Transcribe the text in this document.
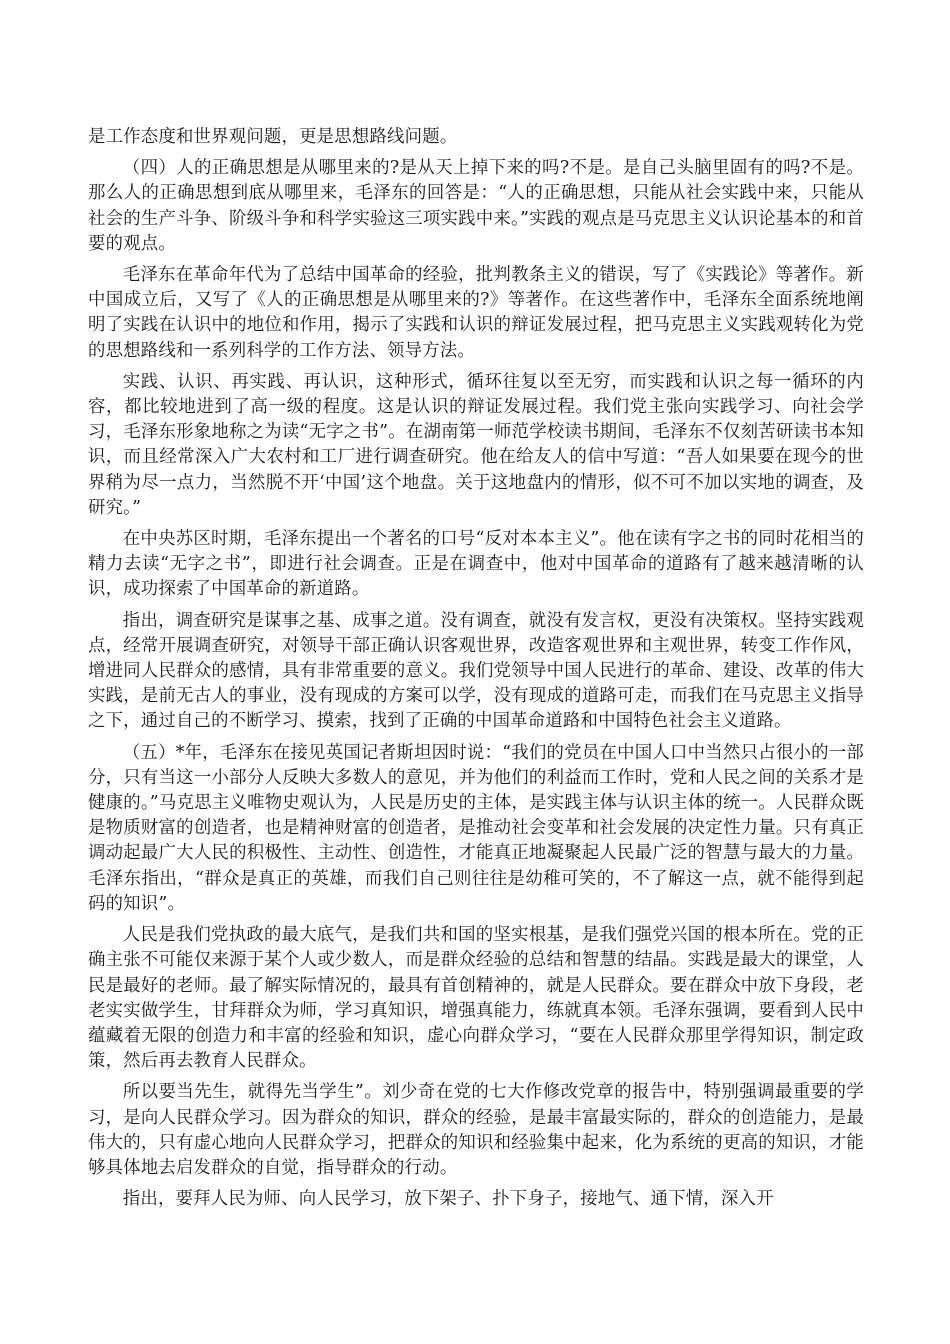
是工作态度和世界观问题，更是思想路线问题。

（四）人的正确思想是从哪里来的?是从天上掉下来的吗?不是。是自己头脑里固有的吗?不是。那么人的正确思想到底从哪里来，毛泽东的回答是：“人的正确思想，只能从社会实践中来，只能从社会的生产斗争、阶级斗争和科学实验这三项实践中来。”实践的观点是马克思主义认识论基本的和首要的观点。

毛泽东在革命年代为了总结中国革命的经验，批判教条主义的错误，写了《实践论》等著作。新中国成立后，又写了《人的正确思想是从哪里来的?》等著作。在这些著作中，毛泽东全面系统地阐明了实践在认识中的地位和作用，揭示了实践和认识的辩证发展过程，把马克思主义实践观转化为党的思想路线和一系列科学的工作方法、领导方法。

实践、认识、再实践、再认识，这种形式，循环往复以至无穷，而实践和认识之每一循环的内容，都比较地进到了高一级的程度。这是认识的辩证发展过程。我们党主张向实践学习、向社会学习，毛泽东形象地称之为读“无字之书”。在湖南第一师范学校读书期间，毛泽东不仅刻苦研读书本知识，而且经常深入广大农村和工厂进行调查研究。他在给友人的信中写道：“吾人如果要在现今的世界稍为尽一点力，当然脱不开‘中国’这个地盘。关于这地盘内的情形，似不可不加以实地的调查，及研究。”

在中央苏区时期，毛泽东提出一个著名的口号“反对本本主义”。他在读有字之书的同时花相当的精力去读“无字之书”，即进行社会调查。正是在调查中，他对中国革命的道路有了越来越清晰的认识，成功探索了中国革命的新道路。

指出，调查研究是谋事之基、成事之道。没有调查，就没有发言权，更没有决策权。坚持实践观点，经常开展调查研究，对领导干部正确认识客观世界，改造客观世界和主观世界，转变工作作风，增进同人民群众的感情，具有非常重要的意义。我们党领导中国人民进行的革命、建设、改革的伟大实践，是前无古人的事业，没有现成的方案可以学，没有现成的道路可走，而我们在马克思主义指导之下，通过自己的不断学习、摸索，找到了正确的中国革命道路和中国特色社会主义道路。

（五）*年，毛泽东在接见英国记者斯坦因时说：“我们的党员在中国人口中当然只占很小的一部分，只有当这一小部分人反映大多数人的意见，并为他们的利益而工作时，党和人民之间的关系才是健康的。”马克思主义唯物史观认为，人民是历史的主体，是实践主体与认识主体的统一。人民群众既是物质财富的创造者，也是精神财富的创造者，是推动社会变革和社会发展的决定性力量。只有真正调动起最广大人民的积极性、主动性、创造性，才能真正地凝聚起人民最广泛的智慧与最大的力量。毛泽东指出，“群众是真正的英雄，而我们自己则往往是幼稚可笑的，不了解这一点，就不能得到起码的知识”。

人民是我们党执政的最大底气，是我们共和国的坚实根基，是我们强党兴国的根本所在。党的正确主张不可能仅来源于某个人或少数人，而是群众经验的总结和智慧的结晶。实践是最大的课堂，人民是最好的老师。最了解实际情况的，最具有首创精神的，就是人民群众。要在群众中放下身段，老老实实做学生，甘拜群众为师，学习真知识，增强真能力，练就真本领。毛泽东强调，要看到人民中蕴藏着无限的创造力和丰富的经验和知识，虚心向群众学习，“要在人民群众那里学得知识，制定政策，然后再去教育人民群众。

所以要当先生，就得先当学生”。刘少奇在党的七大作修改党章的报告中，特别强调最重要的学习，是向人民群众学习。因为群众的知识，群众的经验，是最丰富最实际的，群众的创造能力，是最伟大的，只有虚心地向人民群众学习，把群众的知识和经验集中起来，化为系统的更高的知识，才能够具体地去启发群众的自觉，指导群众的行动。

指出，要拜人民为师、向人民学习，放下架子、扑下身子，接地气、通下情，深入开
